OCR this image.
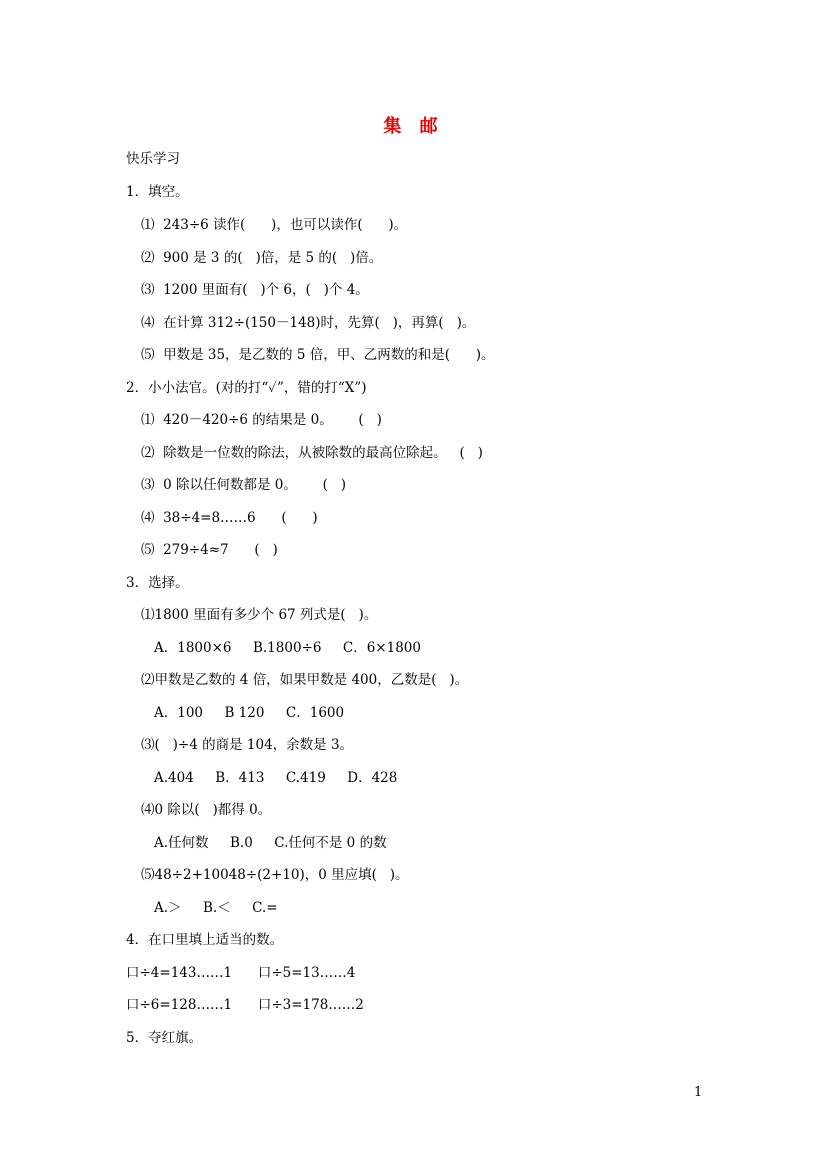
集 邮
快乐学习
1．填空。
⑴  243÷6 读作(      )，也可以读作(      )。
⑵  900 是 3 的(   )倍，是 5 的(   )倍。
⑶  1200 里面有(   )个 6，(   )个 4。
⑷  在计算 312÷(150－148)时，先算(   )，再算(   )。
⑸  甲数是 35，是乙数的 5 倍，甲、乙两数的和是(      )。
2．小小法官。(对的打“✓”，错的打“X”)
⑴  420－420÷6 的结果是 0。      (   )
⑵  除数是一位数的除法，从被除数的最高位除起。   (   )
⑶  0 除以任何数都是 0。      (   )
⑷  38÷4=8……6      (      )
⑸  279÷4≈7      (   )
3．选择。
⑴1800 里面有多少个 67 列式是(   )。
A．1800×6     B.1800÷6     C．6×1800
⑵甲数是乙数的 4 倍，如果甲数是 400，乙数是(   )。
A．100     B 120     C．1600
⑶(   )÷4 的商是 104，余数是 3。
A.404     B．413     C.419     D．428
⑷0 除以(   )都得 0。
A.任何数     B.0     C.任何不是 0 的数
⑸48÷2+10048÷(2+10)，0 里应填(   )。
A.＞     B.＜     C.=
4．在口里填上适当的数。
口÷4=143……1      口÷5=13……4
口÷6=128……1      口÷3=178……2
5．夺红旗。
1
